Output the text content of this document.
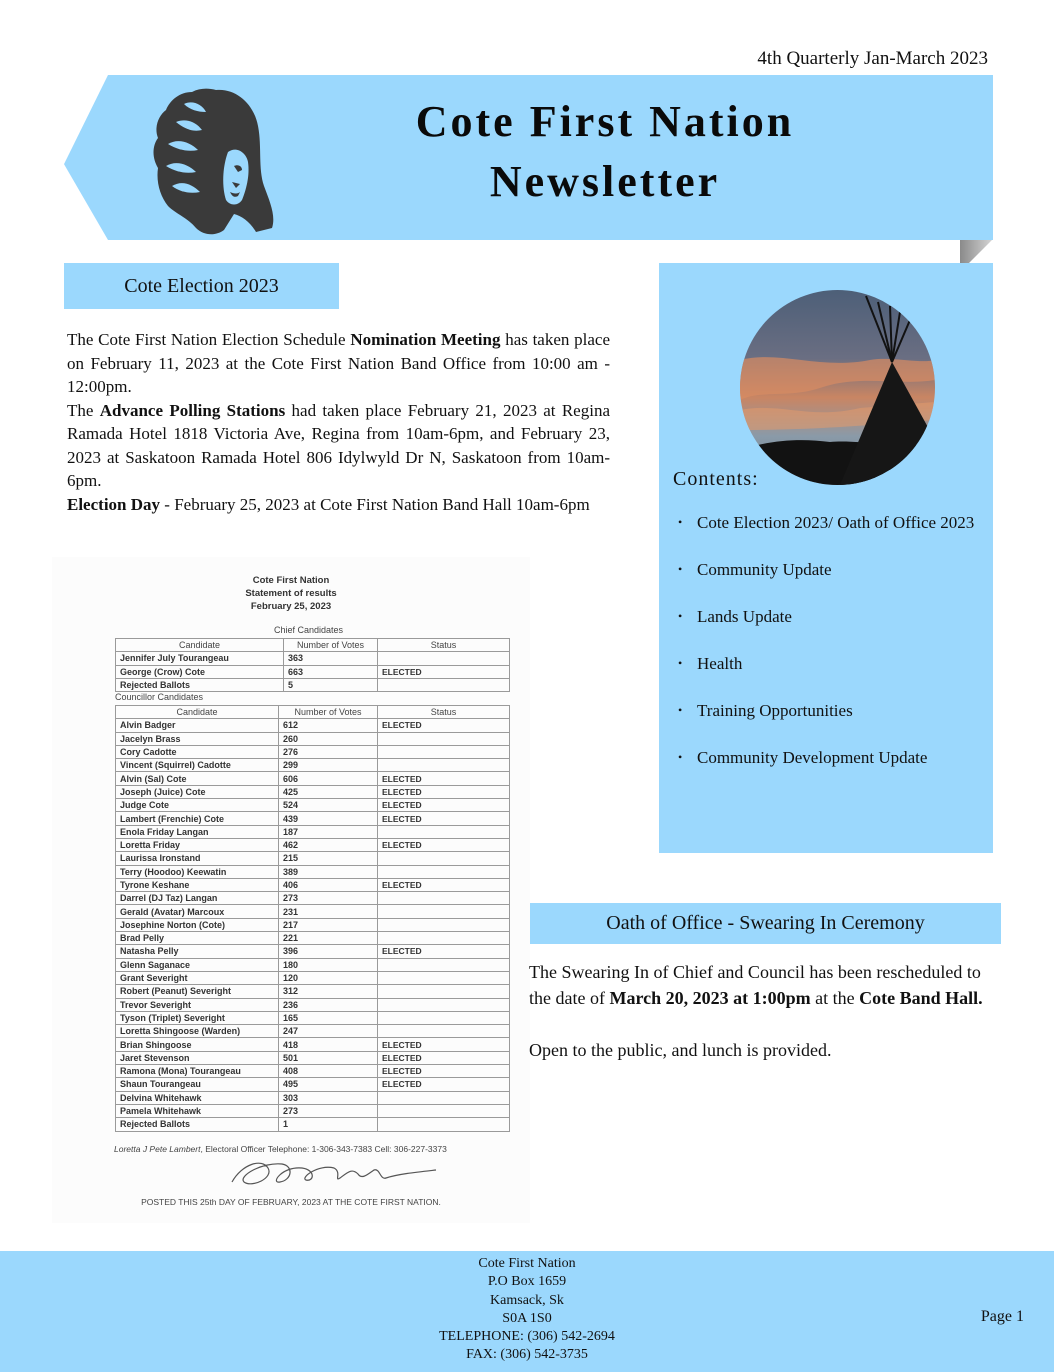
4th Quarterly Jan-March 2023
Cote First Nation
Newsletter
Cote Election 2023

The Cote First Nation Election Schedule Nomination Meeting has taken place on February 11, 2023 at the Cote First Nation Band Office from 10:00 am - 12:00pm.

The Advance Polling Stations had taken place February 21, 2023 at Regina Ramada Hotel 1818 Victoria Ave, Regina from 10am-6pm, and February 23, 2023 at Saskatoon Ramada Hotel 806 Idylwyld Dr N, Saskatoon from 10am-6pm.

Election Day - February 25, 2023 at Cote First Nation Band Hall 10am-6pm

Cote First Nation
Statement of results
February 25, 2023
Chief Candidates
Candidate	Number of Votes	Status
Jennifer July Tourangeau	363	
George (Crow) Cote	663	ELECTED
Rejected Ballots	5	
Councillor Candidates
Candidate	Number of Votes	Status
Alvin Badger	612	ELECTED
Jacelyn Brass	260	
Cory Cadotte	276	
Vincent (Squirrel) Cadotte	299	
Alvin (Sal) Cote	606	ELECTED
Joseph (Juice) Cote	425	ELECTED
Judge Cote	524	ELECTED
Lambert (Frenchie) Cote	439	ELECTED
Enola Friday Langan	187	
Loretta Friday	462	ELECTED
Laurissa Ironstand	215	
Terry (Hoodoo) Keewatin	389	
Tyrone Keshane	406	ELECTED
Darrel (DJ Taz) Langan	273	
Gerald (Avatar) Marcoux	231	
Josephine Norton (Cote)	217	
Brad Pelly	221	
Natasha Pelly	396	ELECTED
Glenn Saganace	180	
Grant Severight	120	
Robert (Peanut) Severight	312	
Trevor Severight	236	
Tyson (Triplet) Severight	165	
Loretta Shingoose (Warden)	247	
Brian Shingoose	418	ELECTED
Jaret Stevenson	501	ELECTED
Ramona (Mona) Tourangeau	408	ELECTED
Shaun Tourangeau	495	ELECTED
Delvina Whitehawk	303	
Pamela Whitehawk	273	
Rejected Ballots	1	
Loretta J Pete Lambert, Electoral Officer Telephone: 1-306-343-7383 Cell: 306-227-3373
POSTED THIS 25th DAY OF FEBRUARY, 2023 AT THE COTE FIRST NATION.
Contents:
• Cote Election 2023/ Oath of Office 2023
• Community Update
• Lands Update
• Health
• Training Opportunities
• Community Development Update
Oath of Office - Swearing In Ceremony

The Swearing In of Chief and Council has been rescheduled to the date of March 20, 2023 at 1:00pm at the Cote Band Hall.

Open to the public, and lunch is provided.

Cote First Nation
P.O Box 1659
Kamsack, Sk
S0A 1S0
TELEPHONE: (306) 542-2694
FAX: (306) 542-3735
Page 1
